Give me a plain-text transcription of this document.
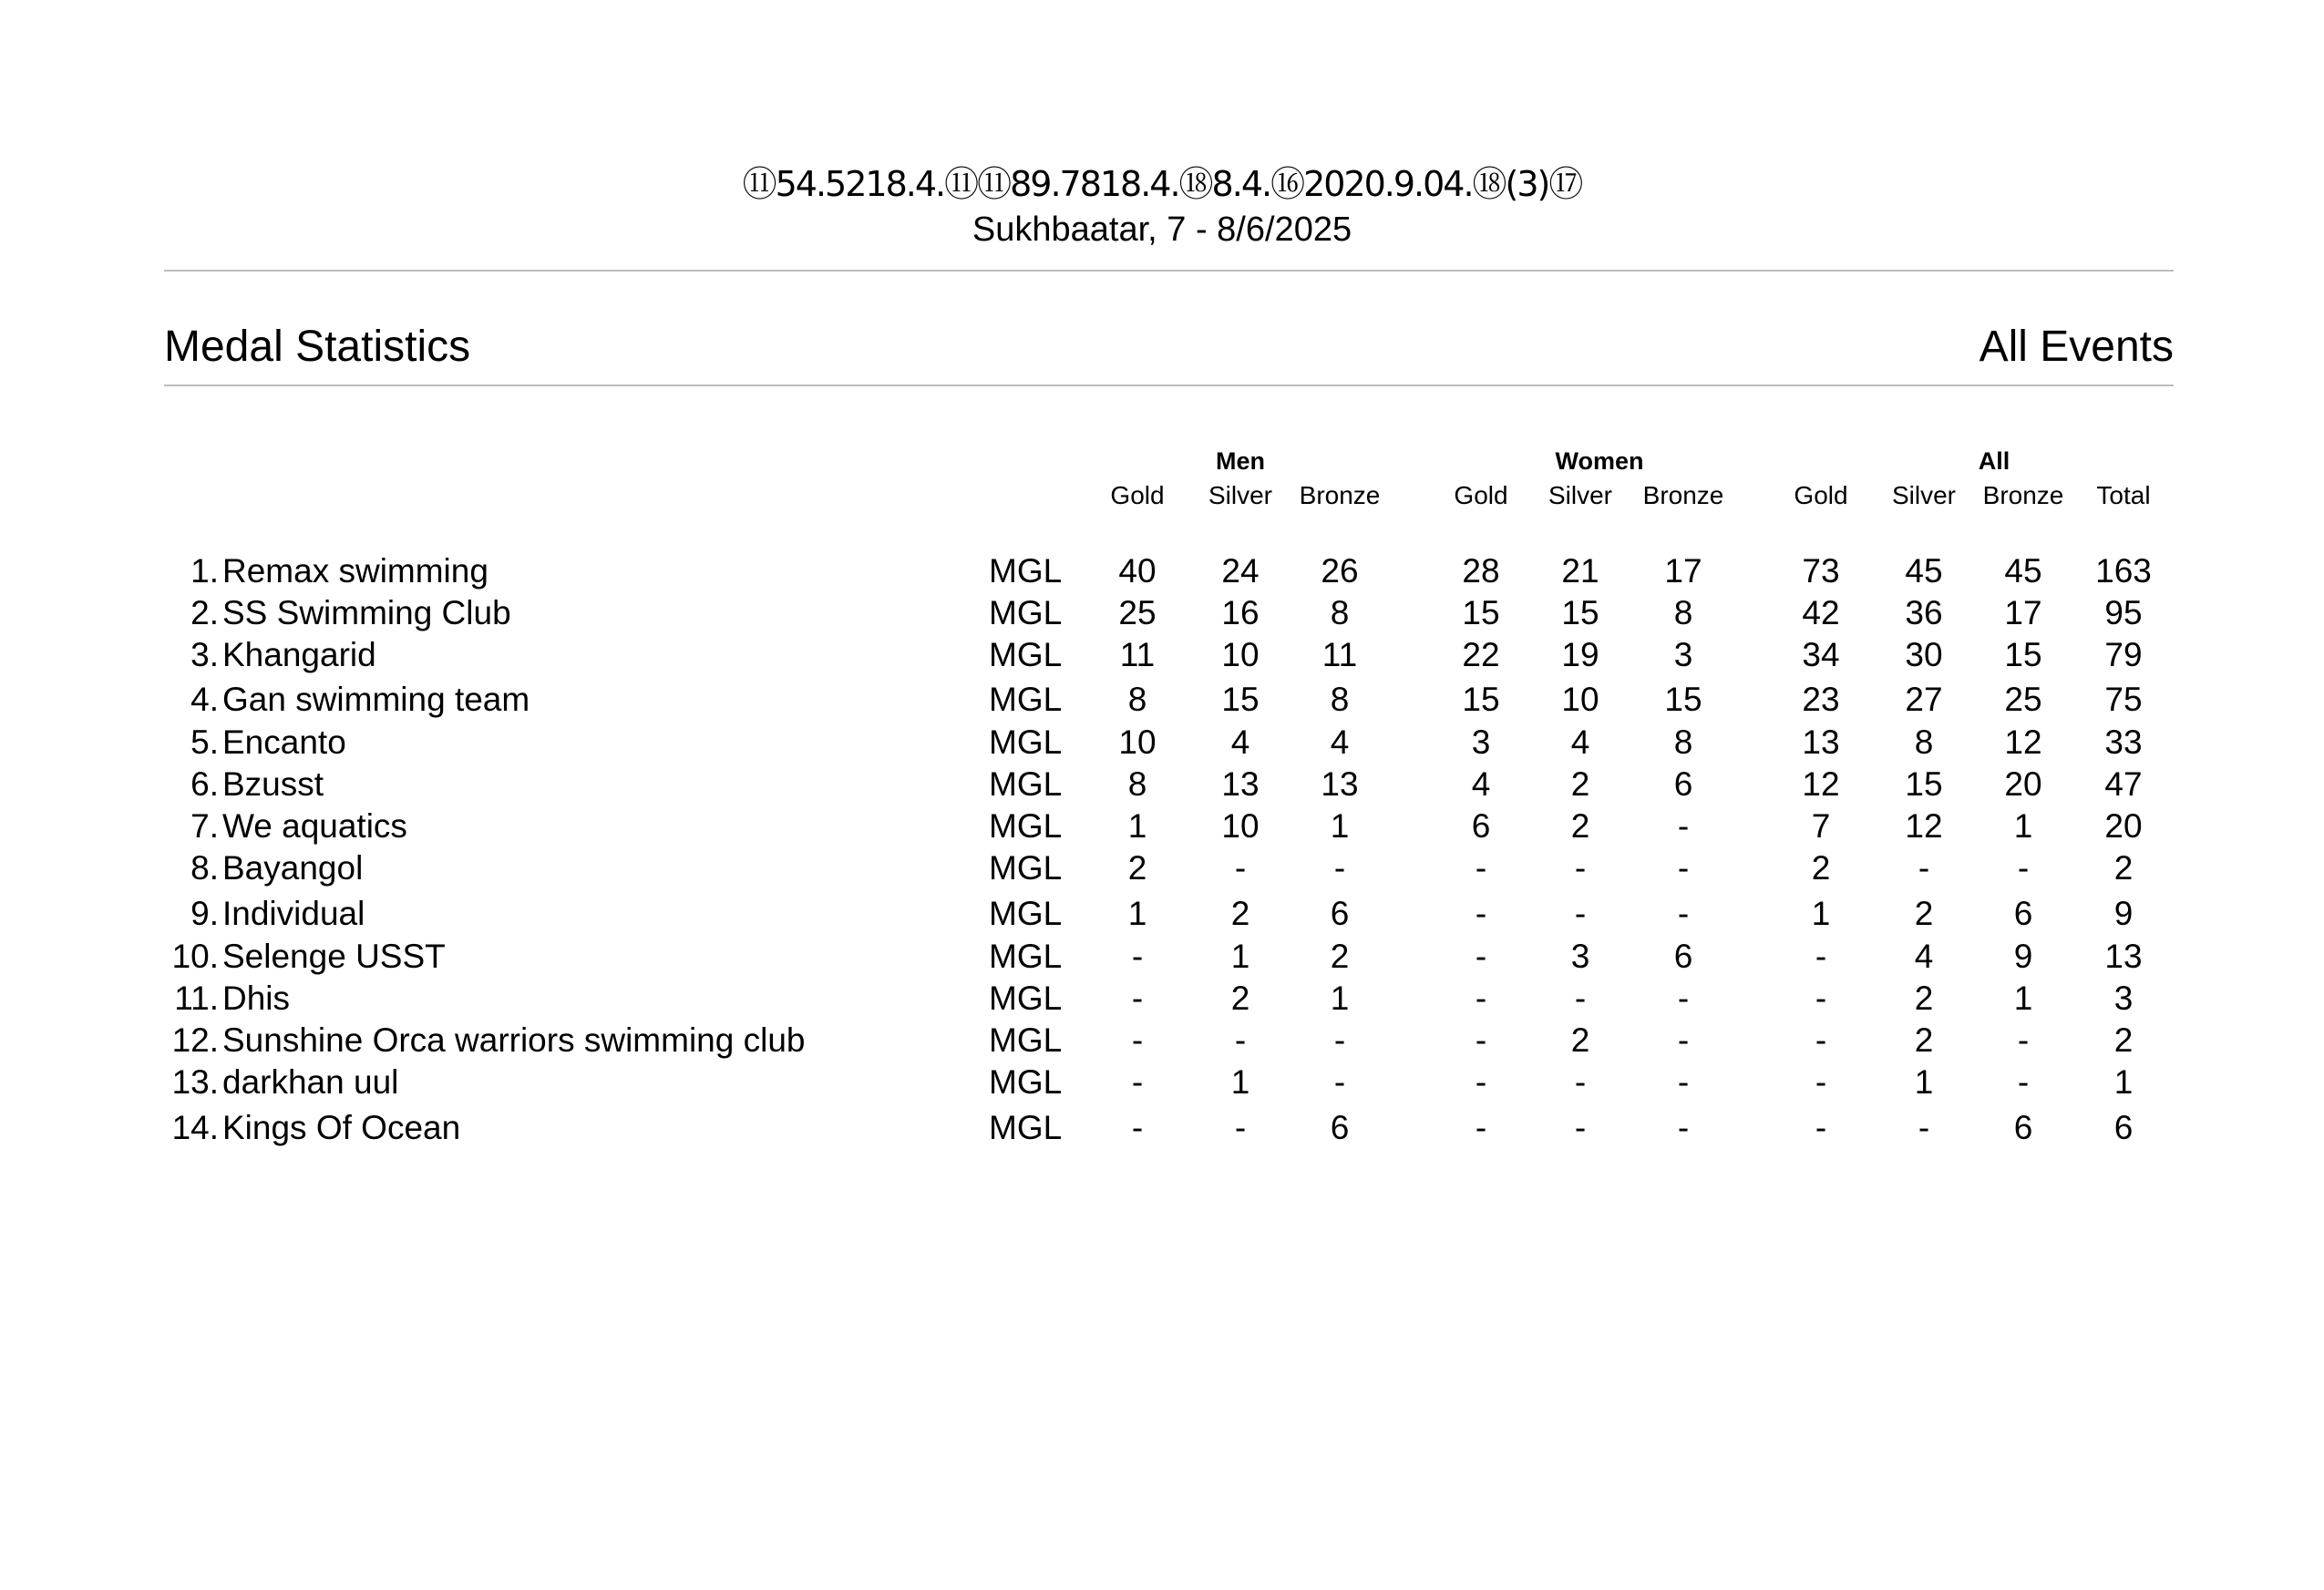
⑪54.5218.4.⑪⑪89.7818.4.⑱8.4.⑯2020.9.04.⑱(3)⑰
Sukhbaatar, 7 - 8/6/2025
Medal Statistics	All Events
Men	Women	All
Gold	Silver	Bronze	Gold	Silver	Bronze	Gold	Silver	Bronze	Total
1. Remax swimming	MGL	40	24	26	28	21	17	73	45	45	163
2. SS Swimming Club	MGL	25	16	8	15	15	8	42	36	17	95
3. Khangarid	MGL	11	10	11	22	19	3	34	30	15	79
4. Gan swimming team	MGL	8	15	8	15	10	15	23	27	25	75
5. Encanto	MGL	10	4	4	3	4	8	13	8	12	33
6. Bzusst	MGL	8	13	13	4	2	6	12	15	20	47
7. We aquatics	MGL	1	10	1	6	2	-	7	12	1	20
8. Bayangol	MGL	2	-	-	-	-	-	2	-	-	2
9. Individual	MGL	1	2	6	-	-	-	1	2	6	9
10. Selenge USST	MGL	-	1	2	-	3	6	-	4	9	13
11. Dhis	MGL	-	2	1	-	-	-	-	2	1	3
12. Sunshine Orca warriors swimming club	MGL	-	-	-	-	2	-	-	2	-	2
13. darkhan uul	MGL	-	1	-	-	-	-	-	1	-	1
14. Kings Of Ocean	MGL	-	-	6	-	-	-	-	-	6	6
